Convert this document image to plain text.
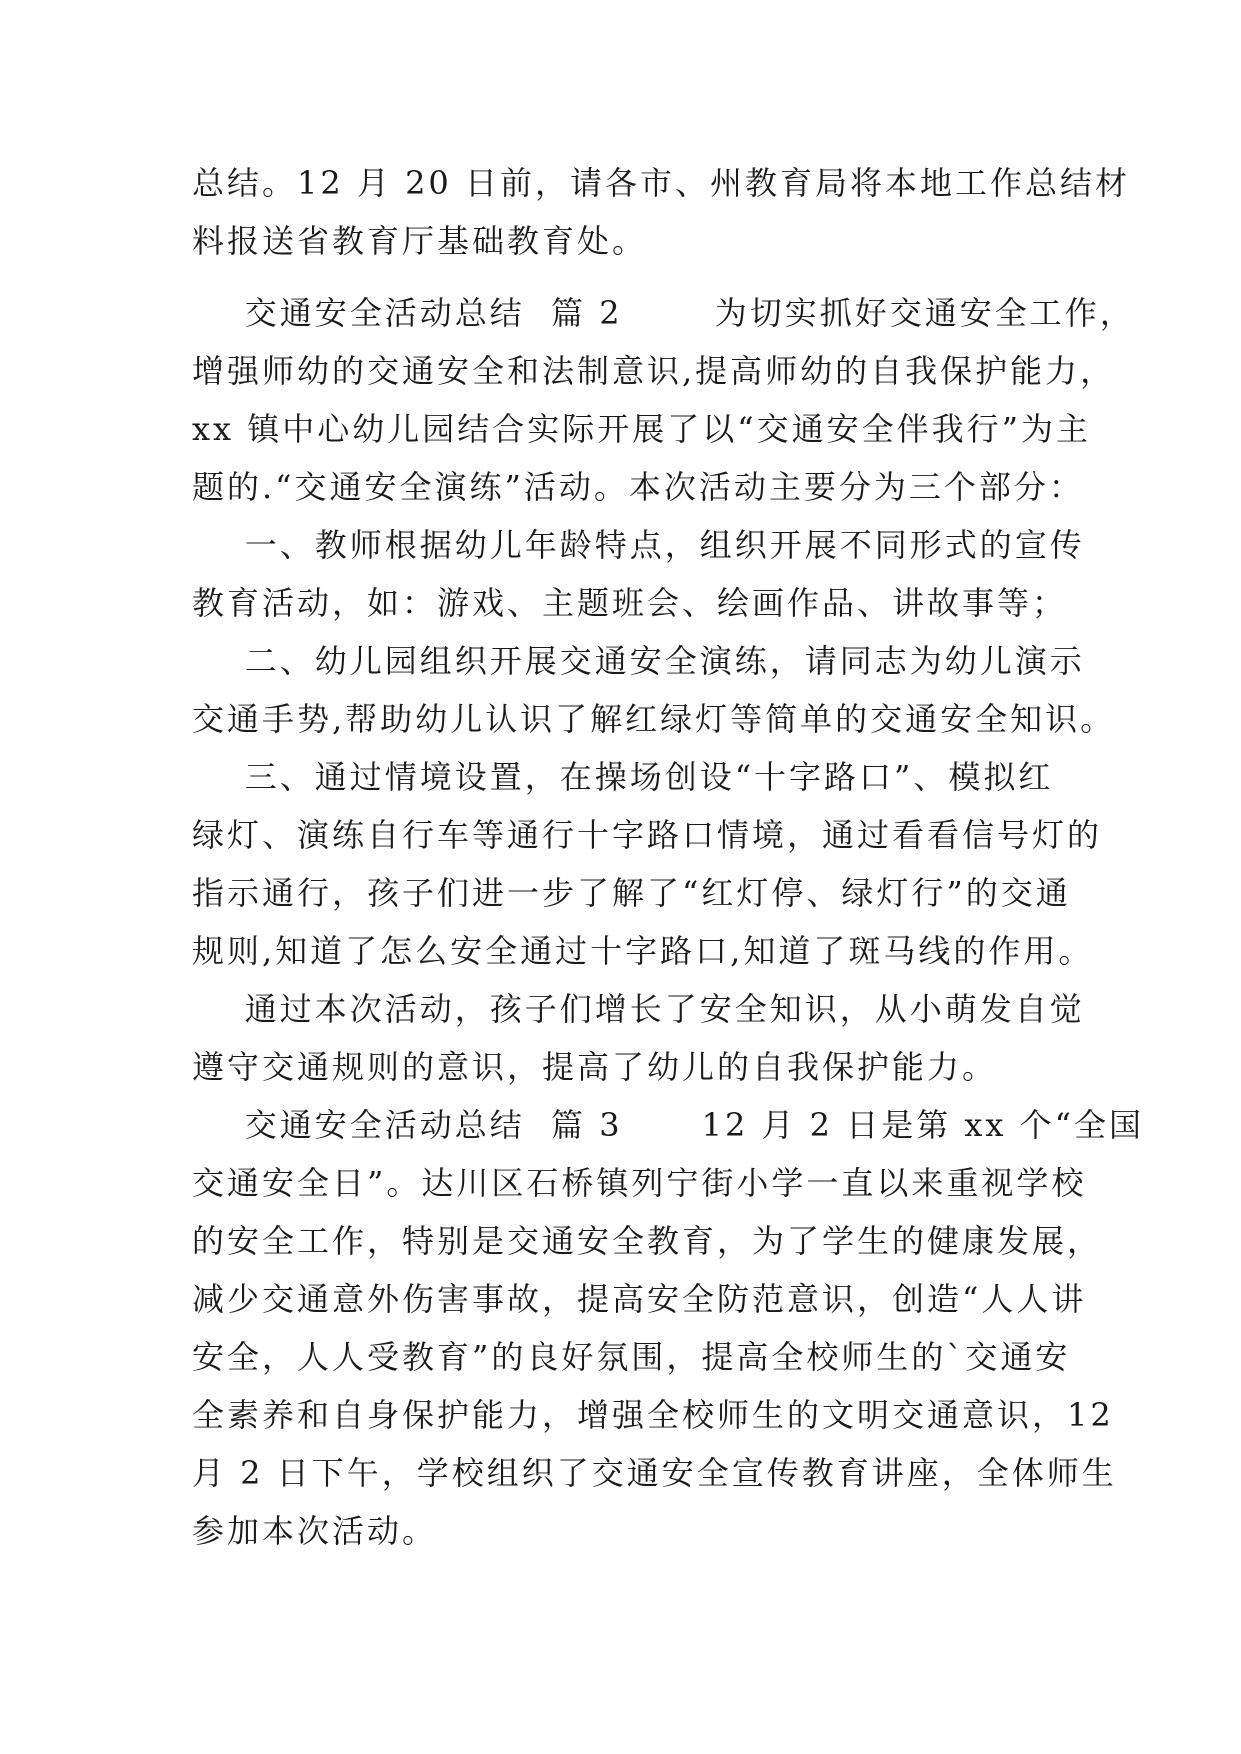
总结。12 月 20 日前，请各市、州教育局将本地工作总结材
料报送省教育厅基础教育处。
交通安全活动总结  篇 2       为切实抓好交通安全工作，
增强师幼的交通安全和法制意识,提高师幼的自我保护能力，
xx 镇中心幼儿园结合实际开展了以“交通安全伴我行”为主
题的.“交通安全演练”活动。本次活动主要分为三个部分：
一、教师根据幼儿年龄特点，组织开展不同形式的宣传
教育活动，如：游戏、主题班会、绘画作品、讲故事等；
二、幼儿园组织开展交通安全演练，请同志为幼儿演示
交通手势,帮助幼儿认识了解红绿灯等简单的交通安全知识。
三、通过情境设置，在操场创设“十字路口”、模拟红
绿灯、演练自行车等通行十字路口情境，通过看看信号灯的
指示通行，孩子们进一步了解了“红灯停、绿灯行”的交通
规则,知道了怎么安全通过十字路口,知道了斑马线的作用。
通过本次活动，孩子们增长了安全知识，从小萌发自觉
遵守交通规则的意识，提高了幼儿的自我保护能力。
交通安全活动总结  篇 3      12 月 2 日是第 xx 个“全国
交通安全日”。达川区石桥镇列宁街小学一直以来重视学校
的安全工作，特别是交通安全教育，为了学生的健康发展，
减少交通意外伤害事故，提高安全防范意识，创造“人人讲
安全，人人受教育”的良好氛围，提高全校师生的`交通安
全素养和自身保护能力，增强全校师生的文明交通意识，12
月 2 日下午，学校组织了交通安全宣传教育讲座，全体师生
参加本次活动。
